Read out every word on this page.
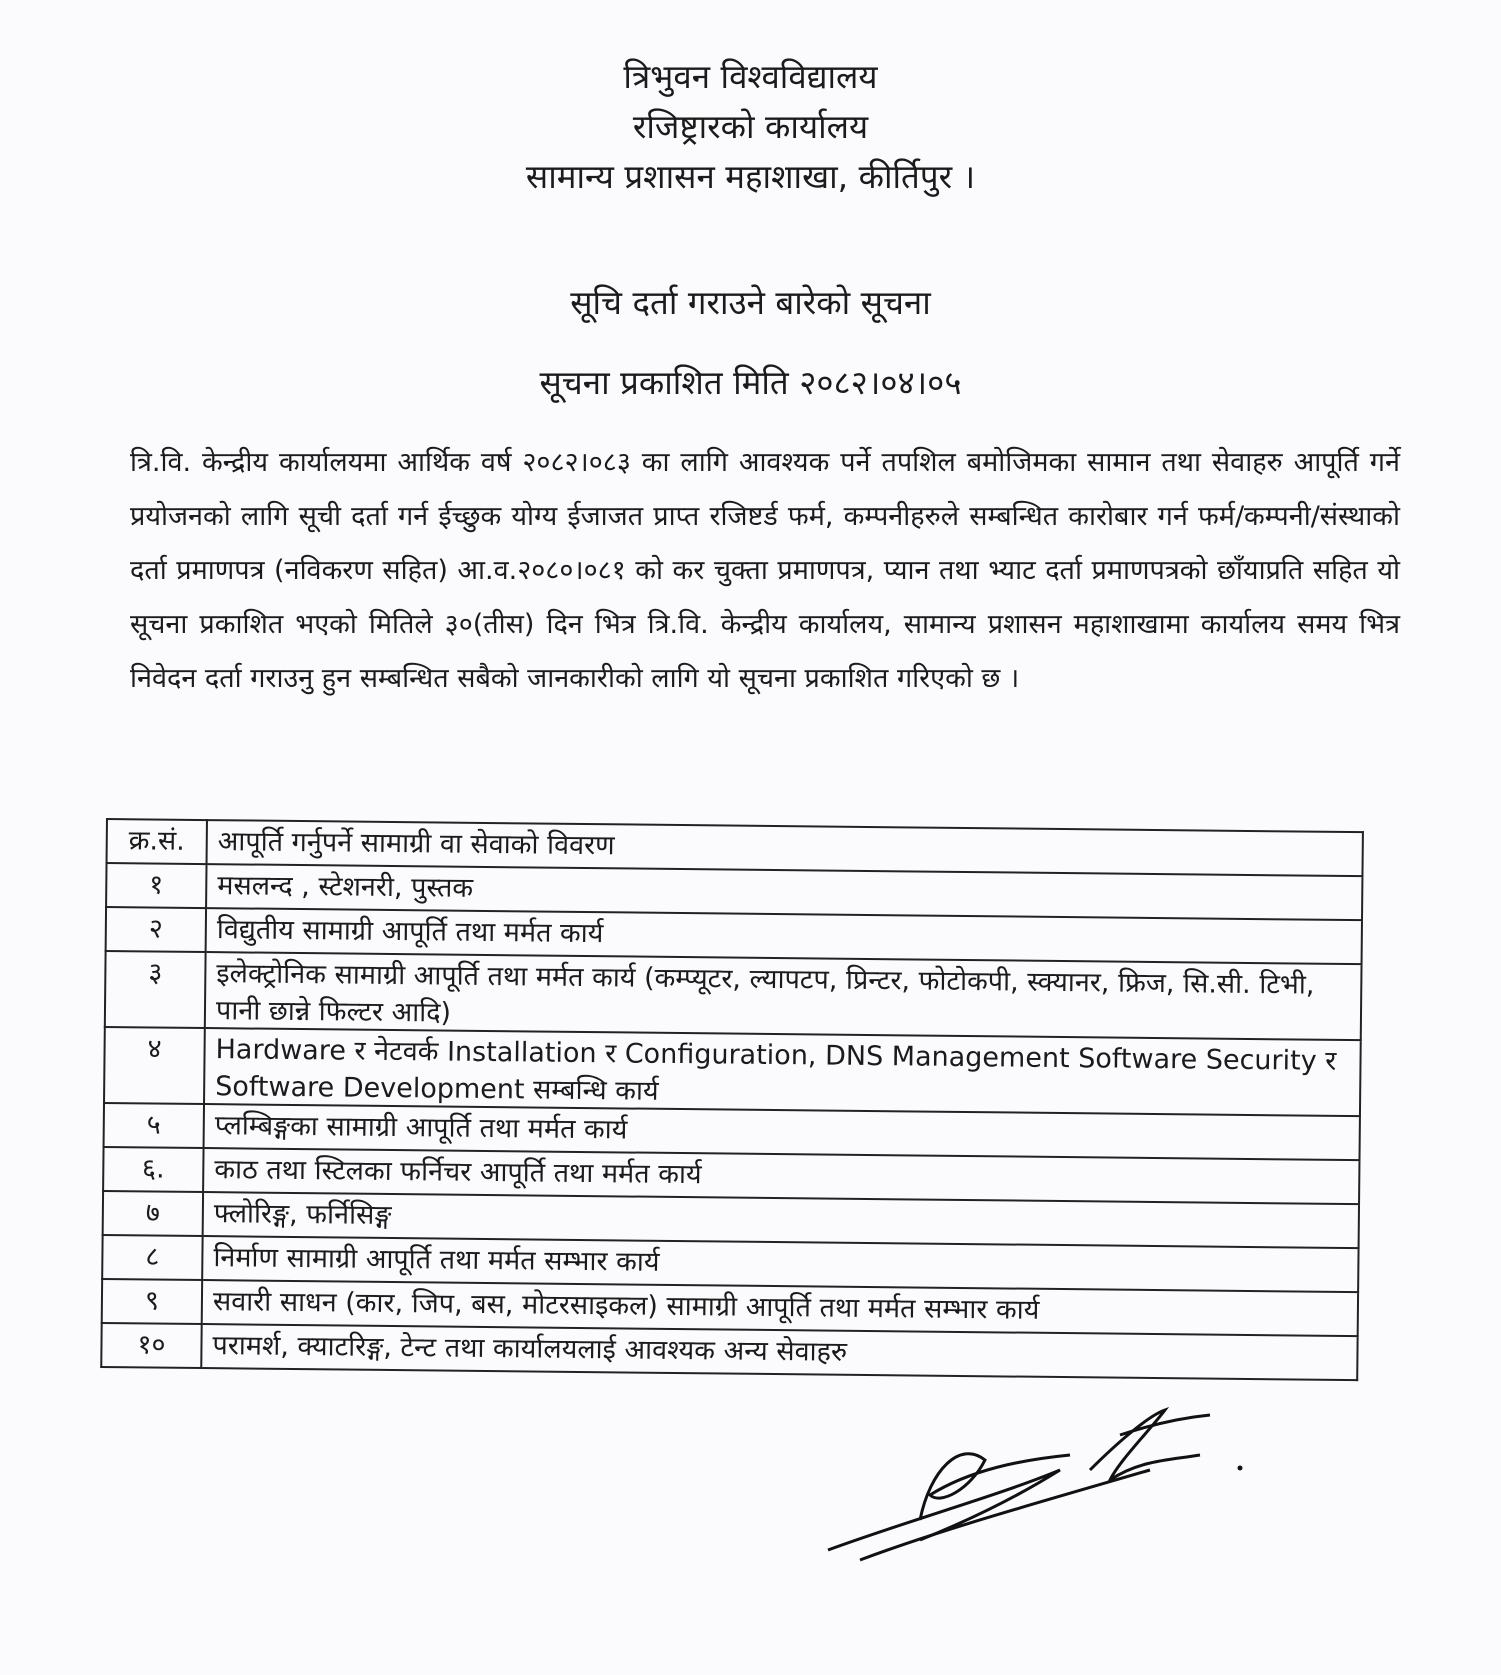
त्रिभुवन विश्वविद्यालय
रजिष्ट्रारको कार्यालय
सामान्य प्रशासन महाशाखा, कीर्तिपुर ।
सूचि दर्ता गराउने बारेको सूचना
सूचना प्रकाशित मिति २०८२।०४।०५
त्रि.वि. केन्द्रीय कार्यालयमा आर्थिक वर्ष २०८२।०८३ का लागि आवश्यक पर्ने तपशिल बमोजिमका सामान तथा सेवाहरु आपूर्ति गर्ने प्रयोजनको लागि सूची दर्ता गर्न ईच्छुक योग्य ईजाजत प्राप्त रजिष्टर्ड फर्म, कम्पनीहरुले सम्बन्धित कारोबार गर्न फर्म/कम्पनी/संस्थाको दर्ता प्रमाणपत्र (नविकरण सहित) आ.व.२०८०।०८१ को कर चुक्ता प्रमाणपत्र, प्यान तथा भ्याट दर्ता प्रमाणपत्रको छाँयाप्रति सहित यो सूचना प्रकाशित भएको मितिले ३०(तीस) दिन भित्र त्रि.वि. केन्द्रीय कार्यालय, सामान्य प्रशासन महाशाखामा कार्यालय समय भित्र निवेदन दर्ता गराउनु हुन सम्बन्धित सबैको जानकारीको लागि यो सूचना प्रकाशित गरिएको छ ।
क्र.सं.	आपूर्ति गर्नुपर्ने सामाग्री वा सेवाको विवरण
१	मसलन्द , स्टेशनरी, पुस्तक
२	विद्युतीय सामाग्री आपूर्ति तथा मर्मत कार्य
३	इलेक्ट्रोनिक सामाग्री आपूर्ति तथा मर्मत कार्य (कम्प्यूटर, ल्यापटप, प्रिन्टर, फोटोकपी, स्क्यानर, फ्रिज, सि.सी. टिभी, पानी छान्ने फिल्टर आदि)
४	Hardware र नेटवर्क Installation र Configuration, DNS Management Software Security र Software Development सम्बन्धि कार्य
५	प्लम्बिङ्गका सामाग्री आपूर्ति तथा मर्मत कार्य
६.	काठ तथा स्टिलका फर्निचर आपूर्ति तथा मर्मत कार्य
७	फ्लोरिङ्ग, फर्निसिङ्ग
८	निर्माण सामाग्री आपूर्ति तथा मर्मत सम्भार कार्य
९	सवारी साधन (कार, जिप, बस, मोटरसाइकल) सामाग्री आपूर्ति तथा मर्मत सम्भार कार्य
१०	परामर्श, क्याटरिङ्ग, टेन्ट तथा कार्यालयलाई आवश्यक अन्य सेवाहरु
